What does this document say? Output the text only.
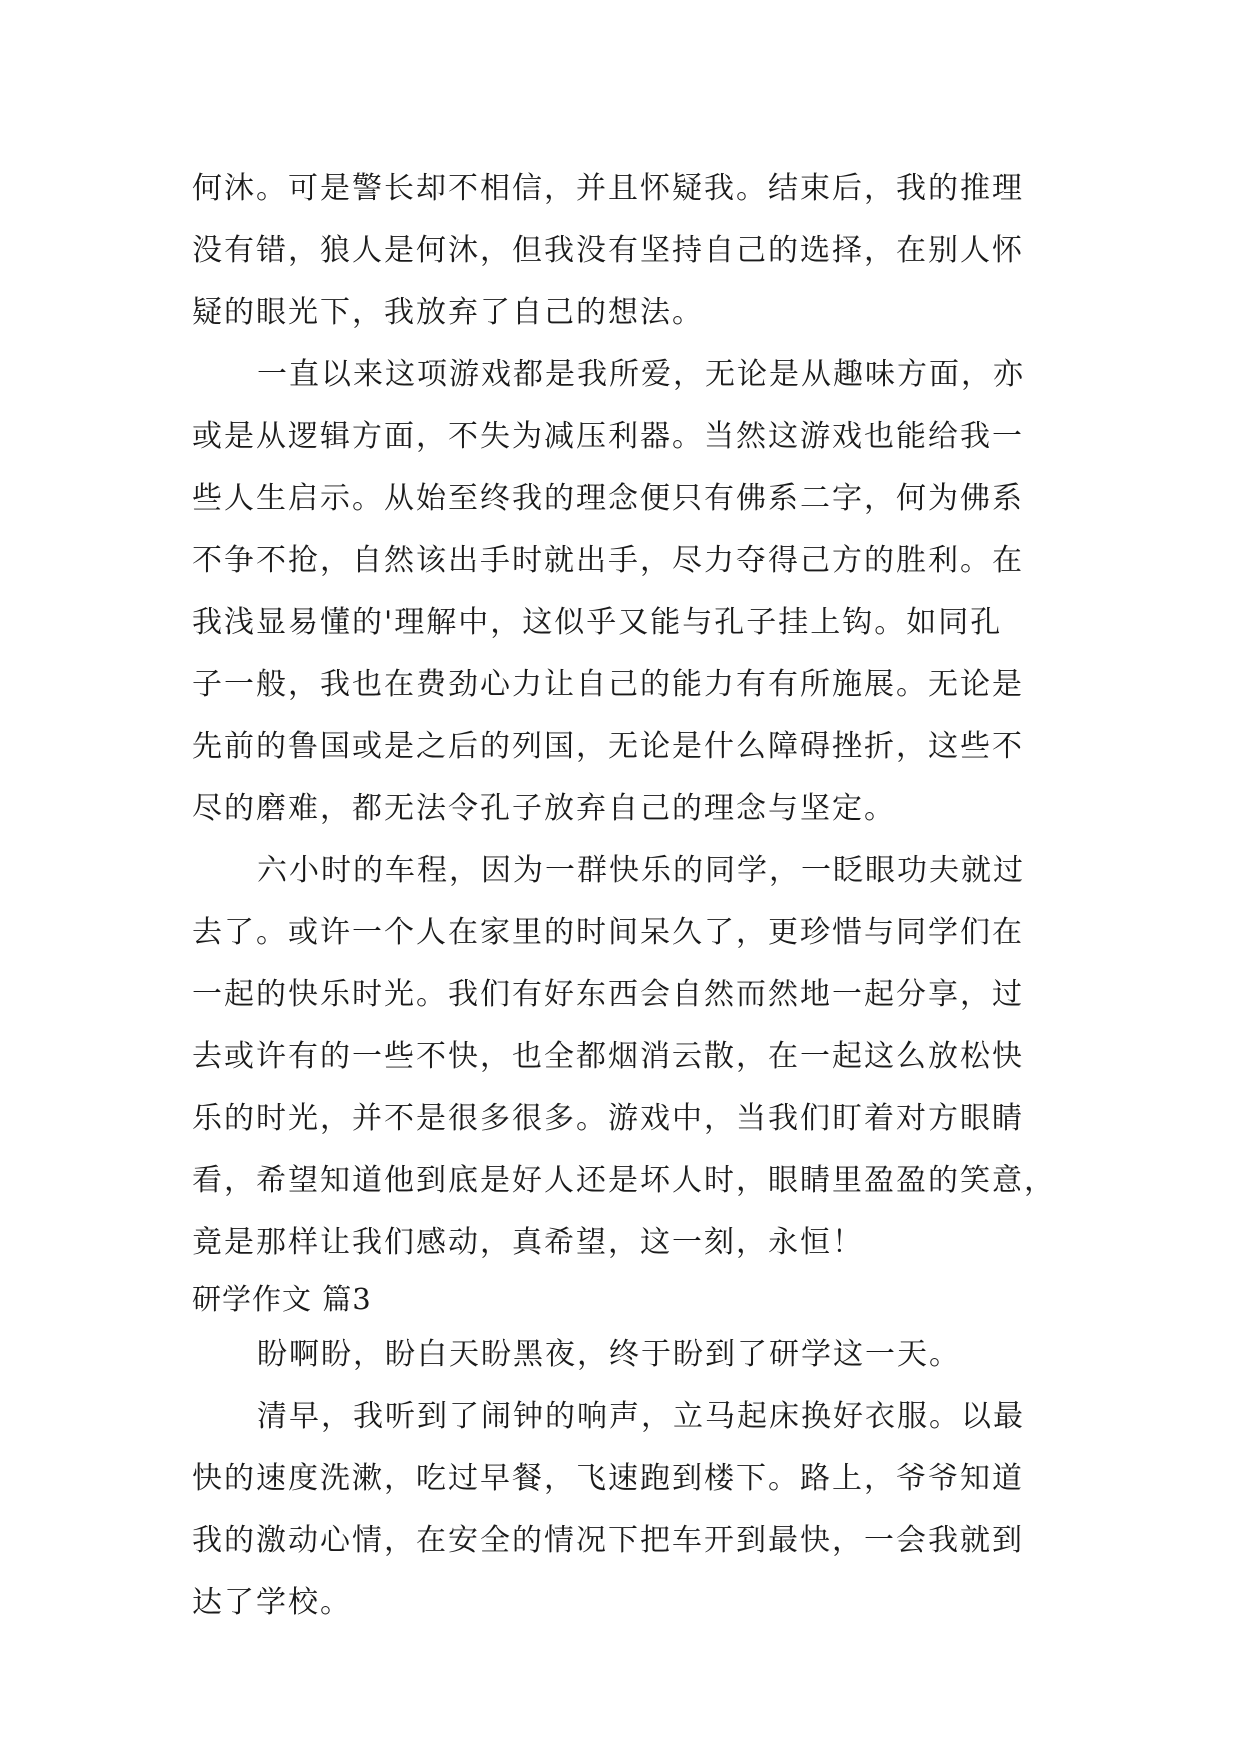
何沐。可是警长却不相信，并且怀疑我。结束后，我的推理
没有错，狼人是何沐，但我没有坚持自己的选择，在别人怀
疑的眼光下，我放弃了自己的想法。
一直以来这项游戏都是我所爱，无论是从趣味方面，亦
或是从逻辑方面，不失为减压利器。当然这游戏也能给我一
些人生启示。从始至终我的理念便只有佛系二字，何为佛系
不争不抢，自然该出手时就出手，尽力夺得己方的胜利。在
我浅显易懂的'理解中，这似乎又能与孔子挂上钩。如同孔
子一般，我也在费劲心力让自己的能力有有所施展。无论是
先前的鲁国或是之后的列国，无论是什么障碍挫折，这些不
尽的磨难，都无法令孔子放弃自己的理念与坚定。
六小时的车程，因为一群快乐的同学，一眨眼功夫就过
去了。或许一个人在家里的时间呆久了，更珍惜与同学们在
一起的快乐时光。我们有好东西会自然而然地一起分享，过
去或许有的一些不快，也全都烟消云散，在一起这么放松快
乐的时光，并不是很多很多。游戏中，当我们盯着对方眼睛
看，希望知道他到底是好人还是坏人时，眼睛里盈盈的笑意，
竟是那样让我们感动，真希望，这一刻，永恒！
研学作文 篇3
盼啊盼，盼白天盼黑夜，终于盼到了研学这一天。
清早，我听到了闹钟的响声，立马起床换好衣服。以最
快的速度洗漱，吃过早餐，飞速跑到楼下。路上，爷爷知道
我的激动心情，在安全的情况下把车开到最快，一会我就到
达了学校。
